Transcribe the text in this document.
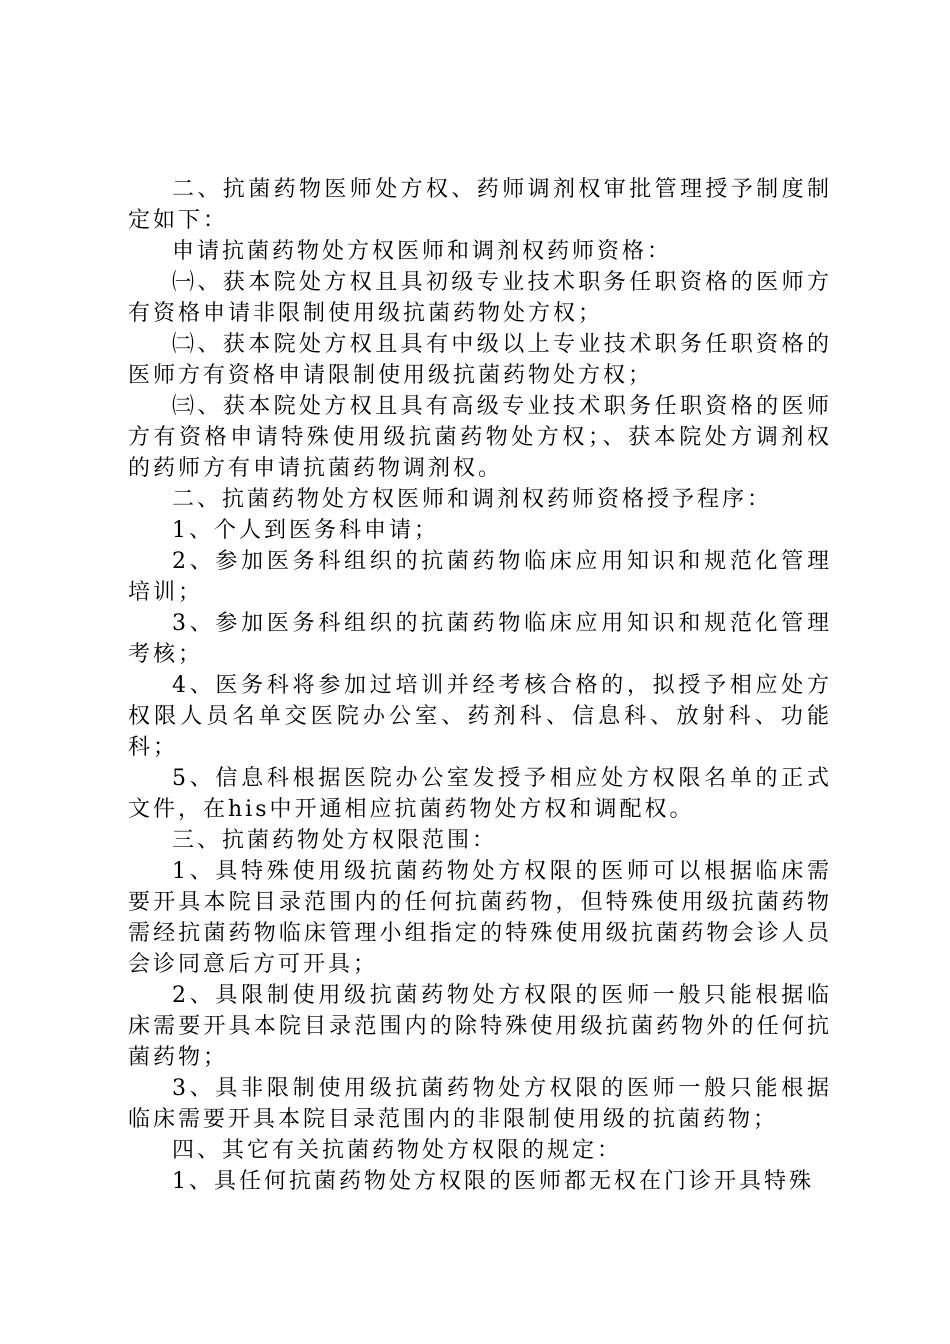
二、抗菌药物医师处方权、药师调剂权审批管理授予制度制定如下：

申请抗菌药物处方权医师和调剂权药师资格：

㈠、获本院处方权且具初级专业技术职务任职资格的医师方有资格申请非限制使用级抗菌药物处方权；

㈡、获本院处方权且具有中级以上专业技术职务任职资格的医师方有资格申请限制使用级抗菌药物处方权；

㈢、获本院处方权且具有高级专业技术职务任职资格的医师方有资格申请特殊使用级抗菌药物处方权；、获本院处方调剂权的药师方有申请抗菌药物调剂权。

二、抗菌药物处方权医师和调剂权药师资格授予程序：

1、个人到医务科申请；

2、参加医务科组织的抗菌药物临床应用知识和规范化管理培训；

3、参加医务科组织的抗菌药物临床应用知识和规范化管理考核；

4、医务科将参加过培训并经考核合格的，拟授予相应处方权限人员名单交医院办公室、药剂科、信息科、放射科、功能科；

5、信息科根据医院办公室发授予相应处方权限名单的正式文件，在his中开通相应抗菌药物处方权和调配权。

三、抗菌药物处方权限范围：

1、具特殊使用级抗菌药物处方权限的医师可以根据临床需要开具本院目录范围内的任何抗菌药物，但特殊使用级抗菌药物需经抗菌药物临床管理小组指定的特殊使用级抗菌药物会诊人员会诊同意后方可开具；

2、具限制使用级抗菌药物处方权限的医师一般只能根据临床需要开具本院目录范围内的除特殊使用级抗菌药物外的任何抗菌药物；

3、具非限制使用级抗菌药物处方权限的医师一般只能根据临床需要开具本院目录范围内的非限制使用级的抗菌药物；

四、其它有关抗菌药物处方权限的规定：

1、具任何抗菌药物处方权限的医师都无权在门诊开具特殊
